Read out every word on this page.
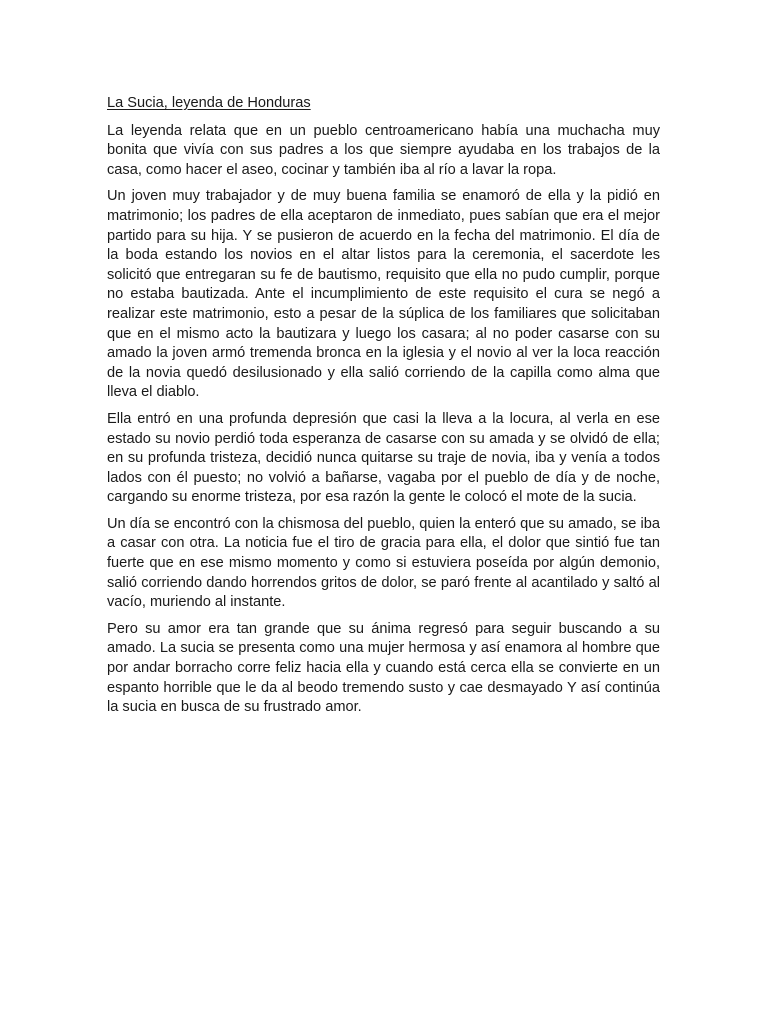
La Sucia, leyenda de Honduras

La leyenda relata que en un pueblo centroamericano había una muchacha muy bonita que vivía con sus padres a los que siempre ayudaba en los trabajos de la casa, como hacer el aseo, cocinar y también iba al río a lavar la ropa.

Un joven muy trabajador y de muy buena familia se enamoró de ella y la pidió en matrimonio; los padres de ella aceptaron de inmediato, pues sabían que era el mejor partido para su hija. Y se pusieron de acuerdo en la fecha del matrimonio. El día de la boda estando los novios en el altar listos para la ceremonia, el sacerdote les solicitó que entregaran su fe de bautismo, requisito que ella no pudo cumplir, porque no estaba bautizada. Ante el incumplimiento de este requisito el cura se negó a realizar este matrimonio, esto a pesar de la súplica de los familiares que solicitaban que en el mismo acto la bautizara y luego los casara; al no poder casarse con su amado la joven armó tremenda bronca en la iglesia y el novio al ver la loca reacción de la novia quedó desilusionado y ella salió corriendo de la capilla como alma que lleva el diablo.

Ella entró en una profunda depresión que casi la lleva a la locura, al verla en ese estado su novio perdió toda esperanza de casarse con su amada y se olvidó de ella; en su profunda tristeza, decidió nunca quitarse su traje de novia, iba y venía a todos lados con él puesto; no volvió a bañarse, vagaba por el pueblo de día y de noche, cargando su enorme tristeza, por esa razón la gente le colocó el mote de la sucia.

Un día se encontró con la chismosa del pueblo, quien la enteró que su amado, se iba a casar con otra. La noticia fue el tiro de gracia para ella, el dolor que sintió fue tan fuerte que en ese mismo momento y como si estuviera poseída por algún demonio, salió corriendo dando horrendos gritos de dolor, se paró frente al acantilado y saltó al vacío, muriendo al instante.

Pero su amor era tan grande que su ánima regresó para seguir buscando a su amado. La sucia se presenta como una mujer hermosa y así enamora al hombre que por andar borracho corre feliz hacia ella y cuando está cerca ella se convierte en un espanto horrible que le da al beodo tremendo susto y cae desmayado Y así continúa la sucia en busca de su frustrado amor.
